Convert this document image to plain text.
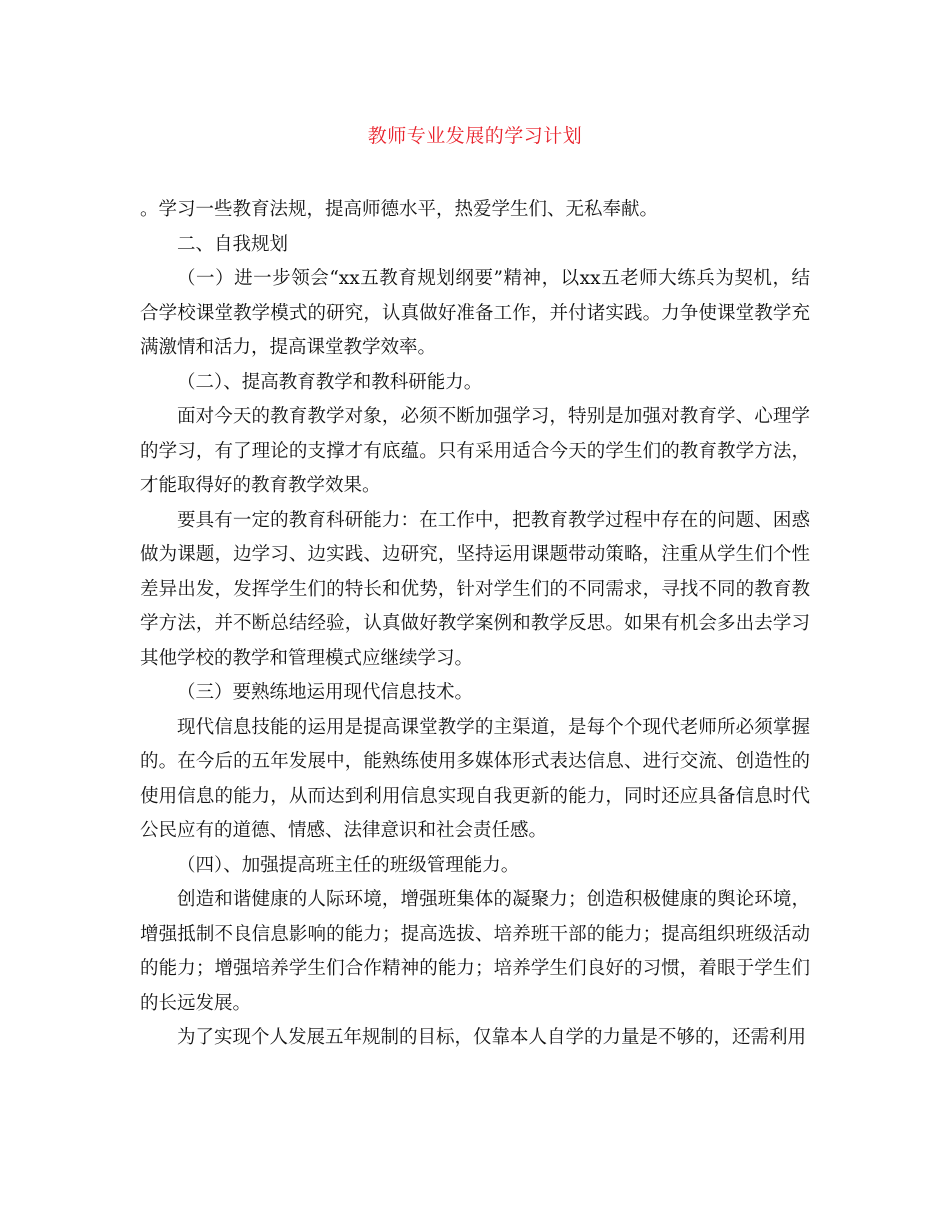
教师专业发展的学习计划

。学习一些教育法规，提高师德水平，热爱学生们、无私奉献。

二、自我规划

（一）进一步领会“xx五教育规划纲要”精神，以xx五老师大练兵为契机，结合学校课堂教学模式的研究，认真做好准备工作，并付诸实践。力争使课堂教学充满激情和活力，提高课堂教学效率。

（二）、提高教育教学和教科研能力。

面对今天的教育教学对象，必须不断加强学习，特别是加强对教育学、心理学的学习，有了理论的支撑才有底蕴。只有采用适合今天的学生们的教育教学方法，才能取得好的教育教学效果。

要具有一定的教育科研能力：在工作中，把教育教学过程中存在的问题、困惑做为课题，边学习、边实践、边研究，坚持运用课题带动策略，注重从学生们个性差异出发，发挥学生们的特长和优势，针对学生们的不同需求，寻找不同的教育教学方法，并不断总结经验，认真做好教学案例和教学反思。如果有机会多出去学习其他学校的教学和管理模式应继续学习。

（三）要熟练地运用现代信息技术。

现代信息技能的运用是提高课堂教学的主渠道，是每个个现代老师所必须掌握的。在今后的五年发展中，能熟练使用多媒体形式表达信息、进行交流、创造性的使用信息的能力，从而达到利用信息实现自我更新的能力，同时还应具备信息时代公民应有的道德、情感、法律意识和社会责任感。

（四）、加强提高班主任的班级管理能力。

创造和谐健康的人际环境，增强班集体的凝聚力；创造积极健康的舆论环境，增强抵制不良信息影响的能力；提高选拔、培养班干部的能力；提高组织班级活动的能力；增强培养学生们合作精神的能力；培养学生们良好的习惯，着眼于学生们的长远发展。

为了实现个人发展五年规制的目标，仅靠本人自学的力量是不够的，还需利用
